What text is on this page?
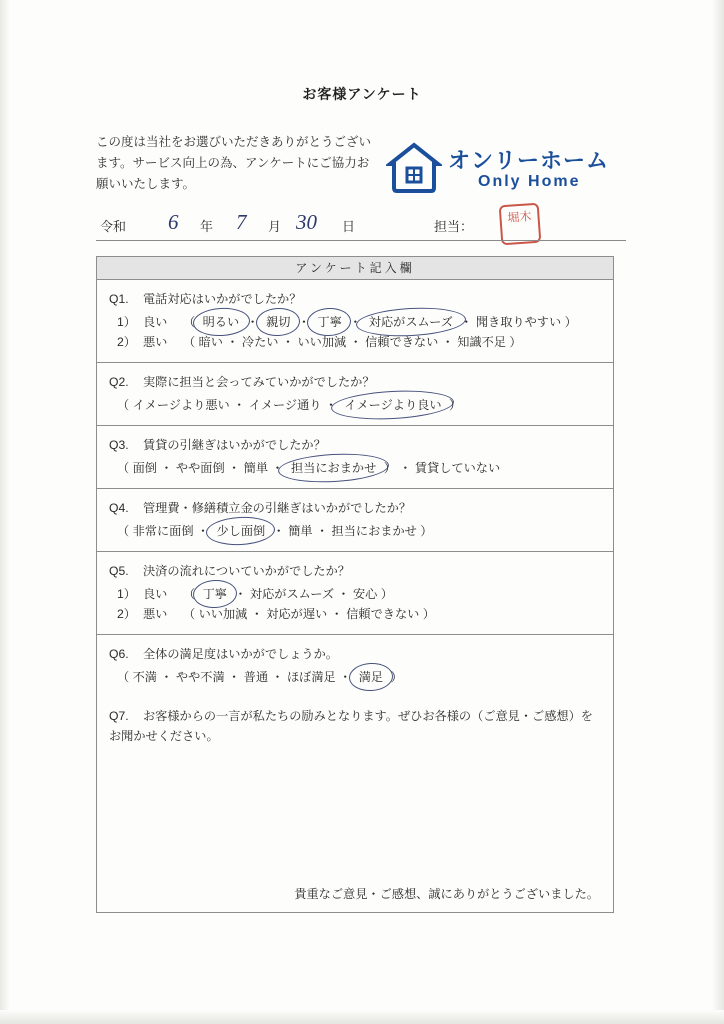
お客様アンケート
この度は当社をお選びいただきありがとうございます。サービス向上の為、アンケートにご協力お願いいたします。
オンリーホーム
Only Home
令和 6 年 7 月 30 日	担当：
堀木
アンケート記入欄
Q1. 電話対応はいかがでしたか？
1） 良い （ 明るい ・ 親切 ・ 丁寧 ・ 対応がスムーズ ・ 聞き取りやすい ）
2） 悪い （ 暗い ・ 冷たい ・ いい加減 ・ 信頼できない ・ 知識不足 ）
Q2. 実際に担当と会ってみていかがでしたか？
（ イメージより悪い ・ イメージ通り ・ イメージより良い ）
Q3. 賃貸の引継ぎはいかがでしたか？
（ 面倒 ・ やや面倒 ・ 簡単 ・ 担当におまかせ ） ・ 賃貸していない
Q4. 管理費・修繕積立金の引継ぎはいかがでしたか？
（ 非常に面倒 ・ 少し面倒 ・ 簡単 ・ 担当におまかせ ）
Q5. 決済の流れについていかがでしたか？
1） 良い （ 丁寧 ・ 対応がスムーズ ・ 安心 ）
2） 悪い （ いい加減 ・ 対応が遅い ・ 信頼できない ）
Q6. 全体の満足度はいかがでしょうか。
（ 不満 ・ やや不満 ・ 普通 ・ ほぼ満足 ・ 満足 ）
Q7. お客様からの一言が私たちの励みとなります。ぜひお各様の（ご意見・ご感想）をお聞かせください。
貴重なご意見・ご感想、誠にありがとうございました。
